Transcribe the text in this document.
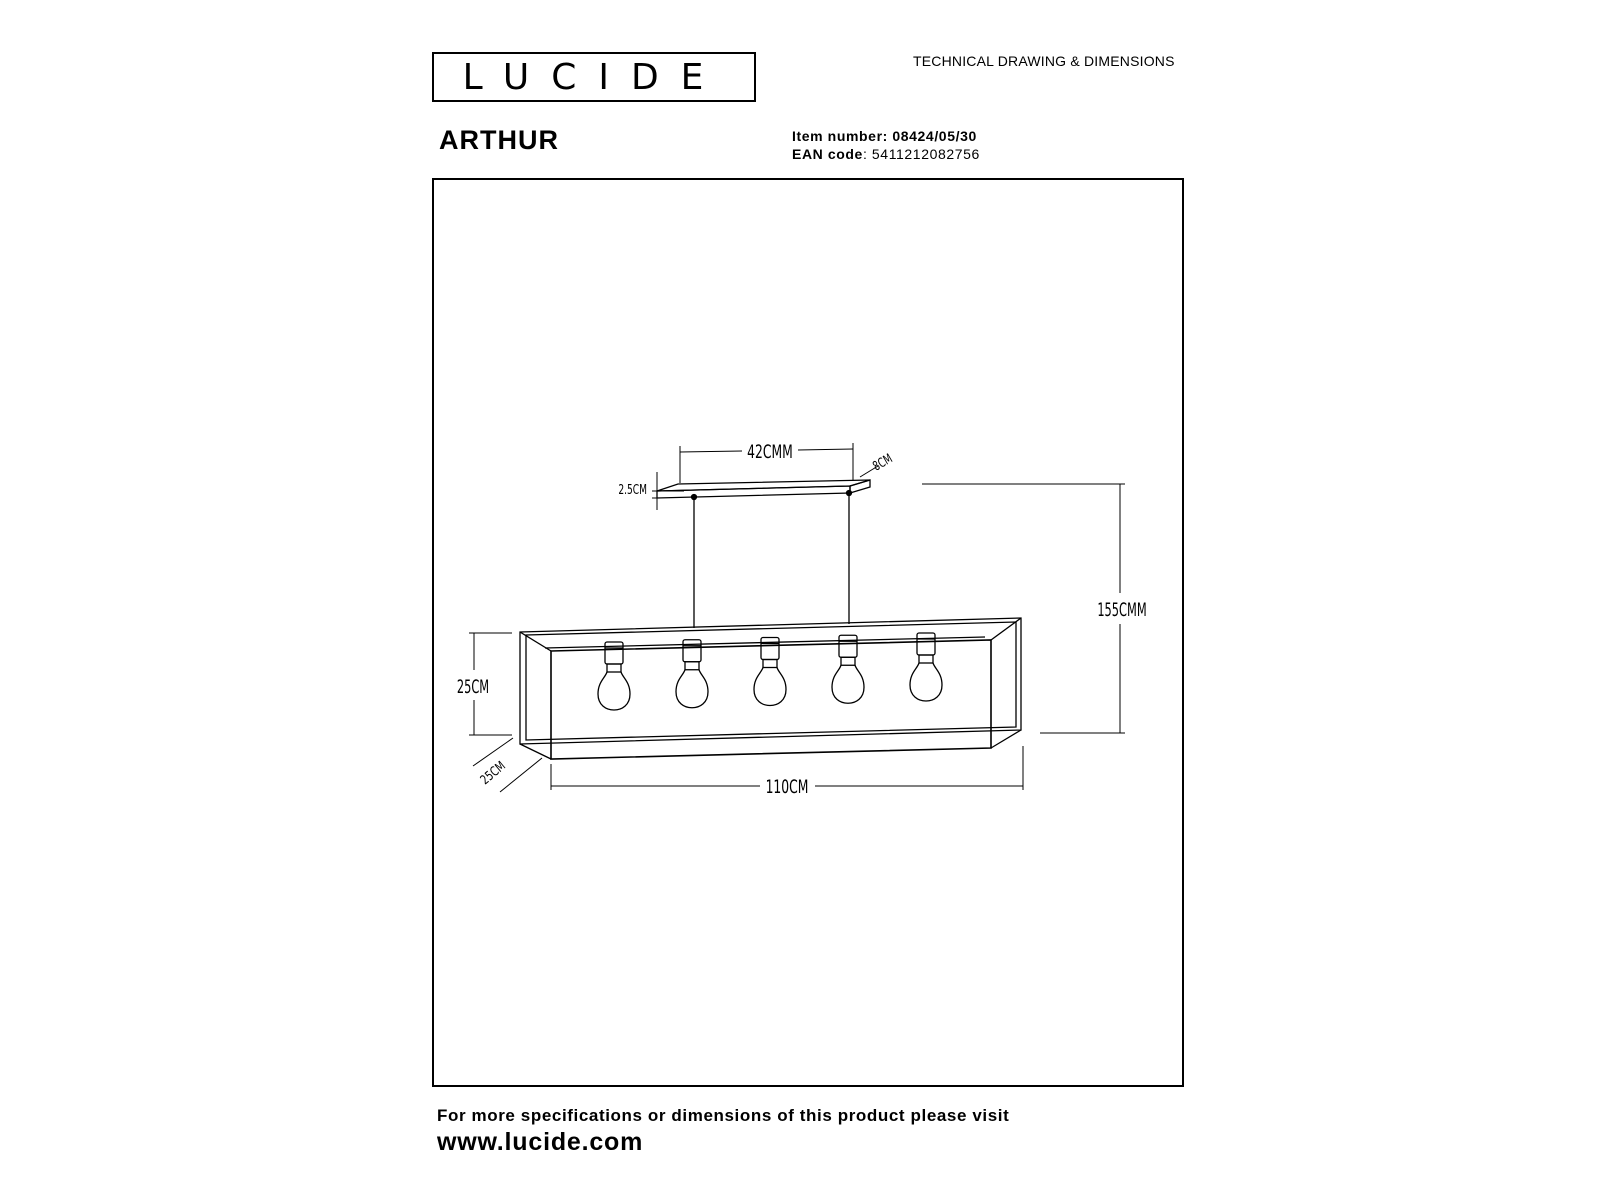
LUCIDE	TECHNICAL DRAWING & DIMENSIONS
ARTHUR	Item number: 08424/05/30
EAN code: 5411212082756
42CMM	8CM
2.5CM
155CMM
25CM
25CM	110CM
For more specifications or dimensions of this product please visit
www.lucide.com
